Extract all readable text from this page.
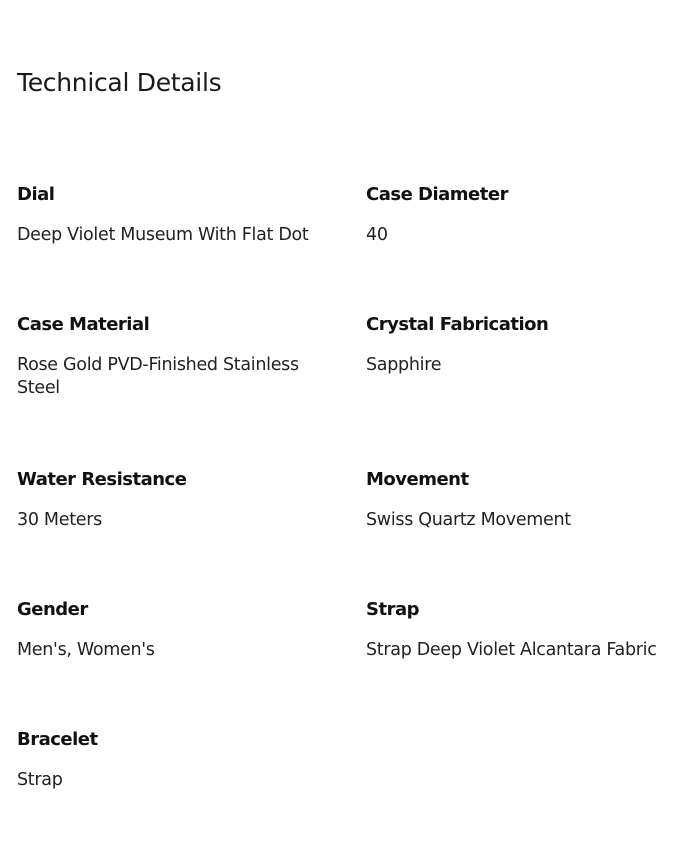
Technical Details
Dial
Deep Violet Museum With Flat Dot
Case Diameter
40
Case Material
Rose Gold PVD-Finished Stainless Steel
Crystal Fabrication
Sapphire
Water Resistance
30 Meters
Movement
Swiss Quartz Movement
Gender
Men's, Women's
Strap
Strap Deep Violet Alcantara Fabric
Bracelet
Strap
